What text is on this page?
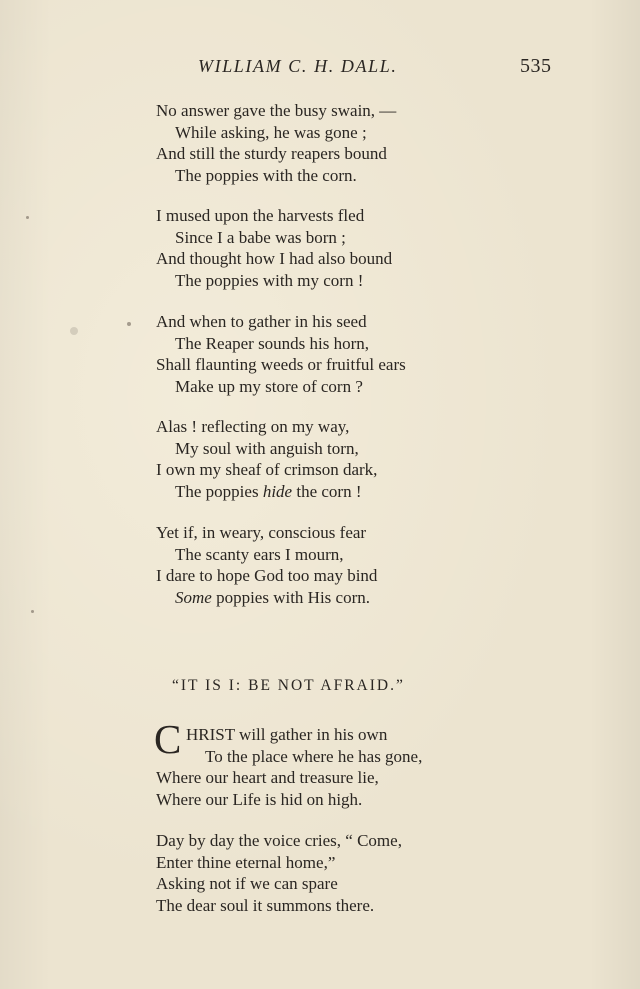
WILLIAM C. H. DALL.	535
No answer gave the busy swain, —
While asking, he was gone ;
And still the sturdy reapers bound
The poppies with the corn.
I mused upon the harvests fled
Since I a babe was born ;
And thought how I had also bound
The poppies with my corn !
And when to gather in his seed
The Reaper sounds his horn,
Shall flaunting weeds or fruitful ears
Make up my store of corn ?
Alas ! reflecting on my way,
My soul with anguish torn,
I own my sheaf of crimson dark,
The poppies hide the corn !
Yet if, in weary, conscious fear
The scanty ears I mourn,
I dare to hope God too may bind
Some poppies with His corn.
“IT IS I: BE NOT AFRAID.”
C HRIST will gather in his own
To the place where he has gone,
Where our heart and treasure lie,
Where our Life is hid on high.
Day by day the voice cries, “ Come,
Enter thine eternal home,”
Asking not if we can spare
The dear soul it summons there.
